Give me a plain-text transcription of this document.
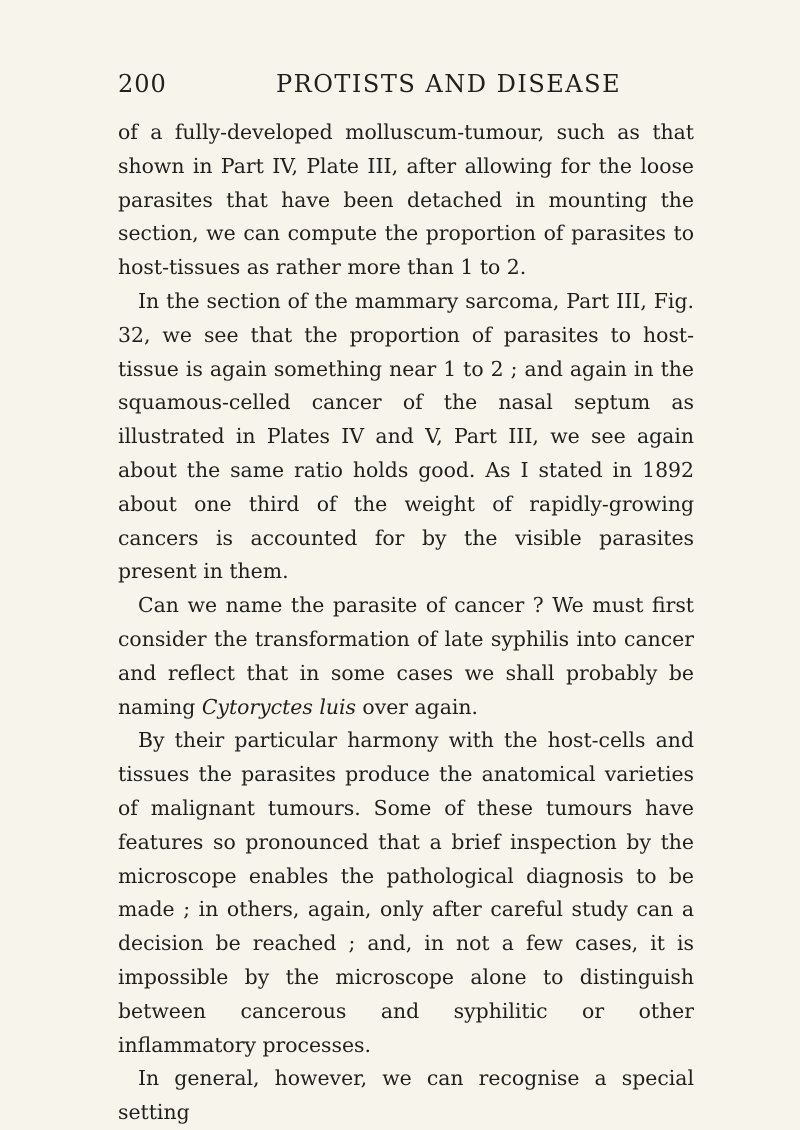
200	PROTISTS AND DISEASE

of a fully-developed molluscum-tumour, such as that shown in Part IV, Plate III, after allowing for the loose parasites that have been detached in mounting the section, we can compute the proportion of parasites to host-tissues as rather more than 1 to 2.

In the section of the mammary sarcoma, Part III, Fig. 32, we see that the proportion of parasites to host-tissue is again something near 1 to 2 ; and again in the squamous-celled cancer of the nasal septum as illustrated in Plates IV and V, Part III, we see again about the same ratio holds good. As I stated in 1892 about one third of the weight of rapidly-growing cancers is accounted for by the visible parasites present in them.

Can we name the parasite of cancer ? We must first consider the transformation of late syphilis into cancer and reflect that in some cases we shall probably be naming Cytoryctes luis over again.

By their particular harmony with the host-cells and tissues the parasites produce the anatomical varieties of malignant tumours. Some of these tumours have features so pronounced that a brief inspection by the microscope enables the pathological diagnosis to be made ; in others, again, only after careful study can a decision be reached ; and, in not a few cases, it is impossible by the microscope alone to distinguish between cancerous and syphilitic or other inflammatory processes.

In general, however, we can recognise a special setting
